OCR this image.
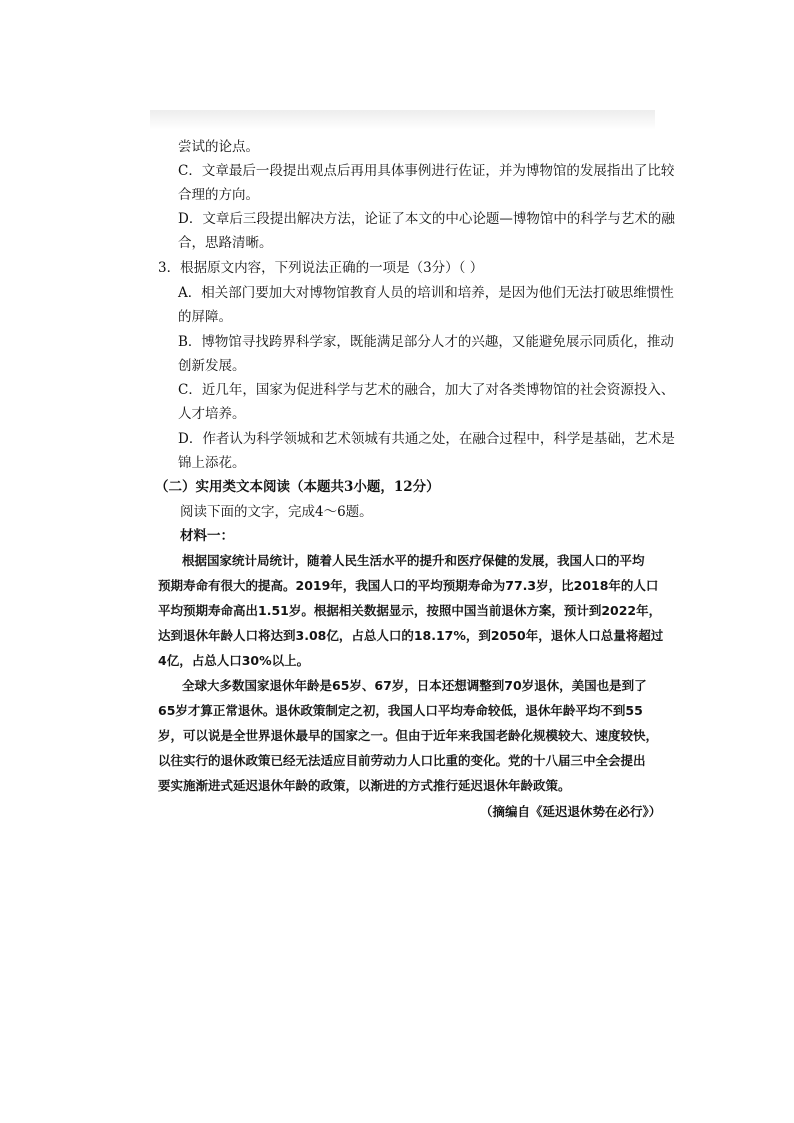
尝试的论点。
C．文章最后一段提出观点后再用具体事例进行佐证，并为博物馆的发展指出了比较
合理的方向。
D．文章后三段提出解决方法，论证了本文的中心论题—博物馆中的科学与艺术的融
合，思路清晰。
3．根据原文内容，下列说法正确的一项是（3分）（ ）
A．相关部门要加大对博物馆教育人员的培训和培养，是因为他们无法打破思维惯性
的屏障。
B．博物馆寻找跨界科学家，既能满足部分人才的兴趣，又能避免展示同质化，推动
创新发展。
C．近几年，国家为促进科学与艺术的融合，加大了对各类博物馆的社会资源投入、
人才培养。
D．作者认为科学领城和艺术领城有共通之处，在融合过程中，科学是基础，艺术是
锦上添花。
（二）实用类文本阅读（本题共3小题，12分）
阅读下面的文字，完成4～6题。
材料一：
根据国家统计局统计，随着人民生活水平的提升和医疗保健的发展，我国人口的平均
预期寿命有很大的提高。2019年，我国人口的平均预期寿命为77.3岁，比2018年的人口
平均预期寿命高出1.51岁。根据相关数据显示，按照中国当前退休方案，预计到2022年，
达到退休年龄人口将达到3.08亿，占总人口的18.17%，到2050年，退休人口总量将超过
4亿，占总人口30%以上。
全球大多数国家退休年龄是65岁、67岁，日本还想调整到70岁退休，美国也是到了
65岁才算正常退休。退休政策制定之初，我国人口平均寿命较低，退休年龄平均不到55
岁，可以说是全世界退休最早的国家之一。但由于近年来我国老龄化规模较大、速度较快，
以往实行的退休政策已经无法适应目前劳动力人口比重的变化。党的十八届三中全会提出
要实施渐进式延迟退休年龄的政策，以渐进的方式推行延迟退休年龄政策。
（摘编自《延迟退休势在必行》）
